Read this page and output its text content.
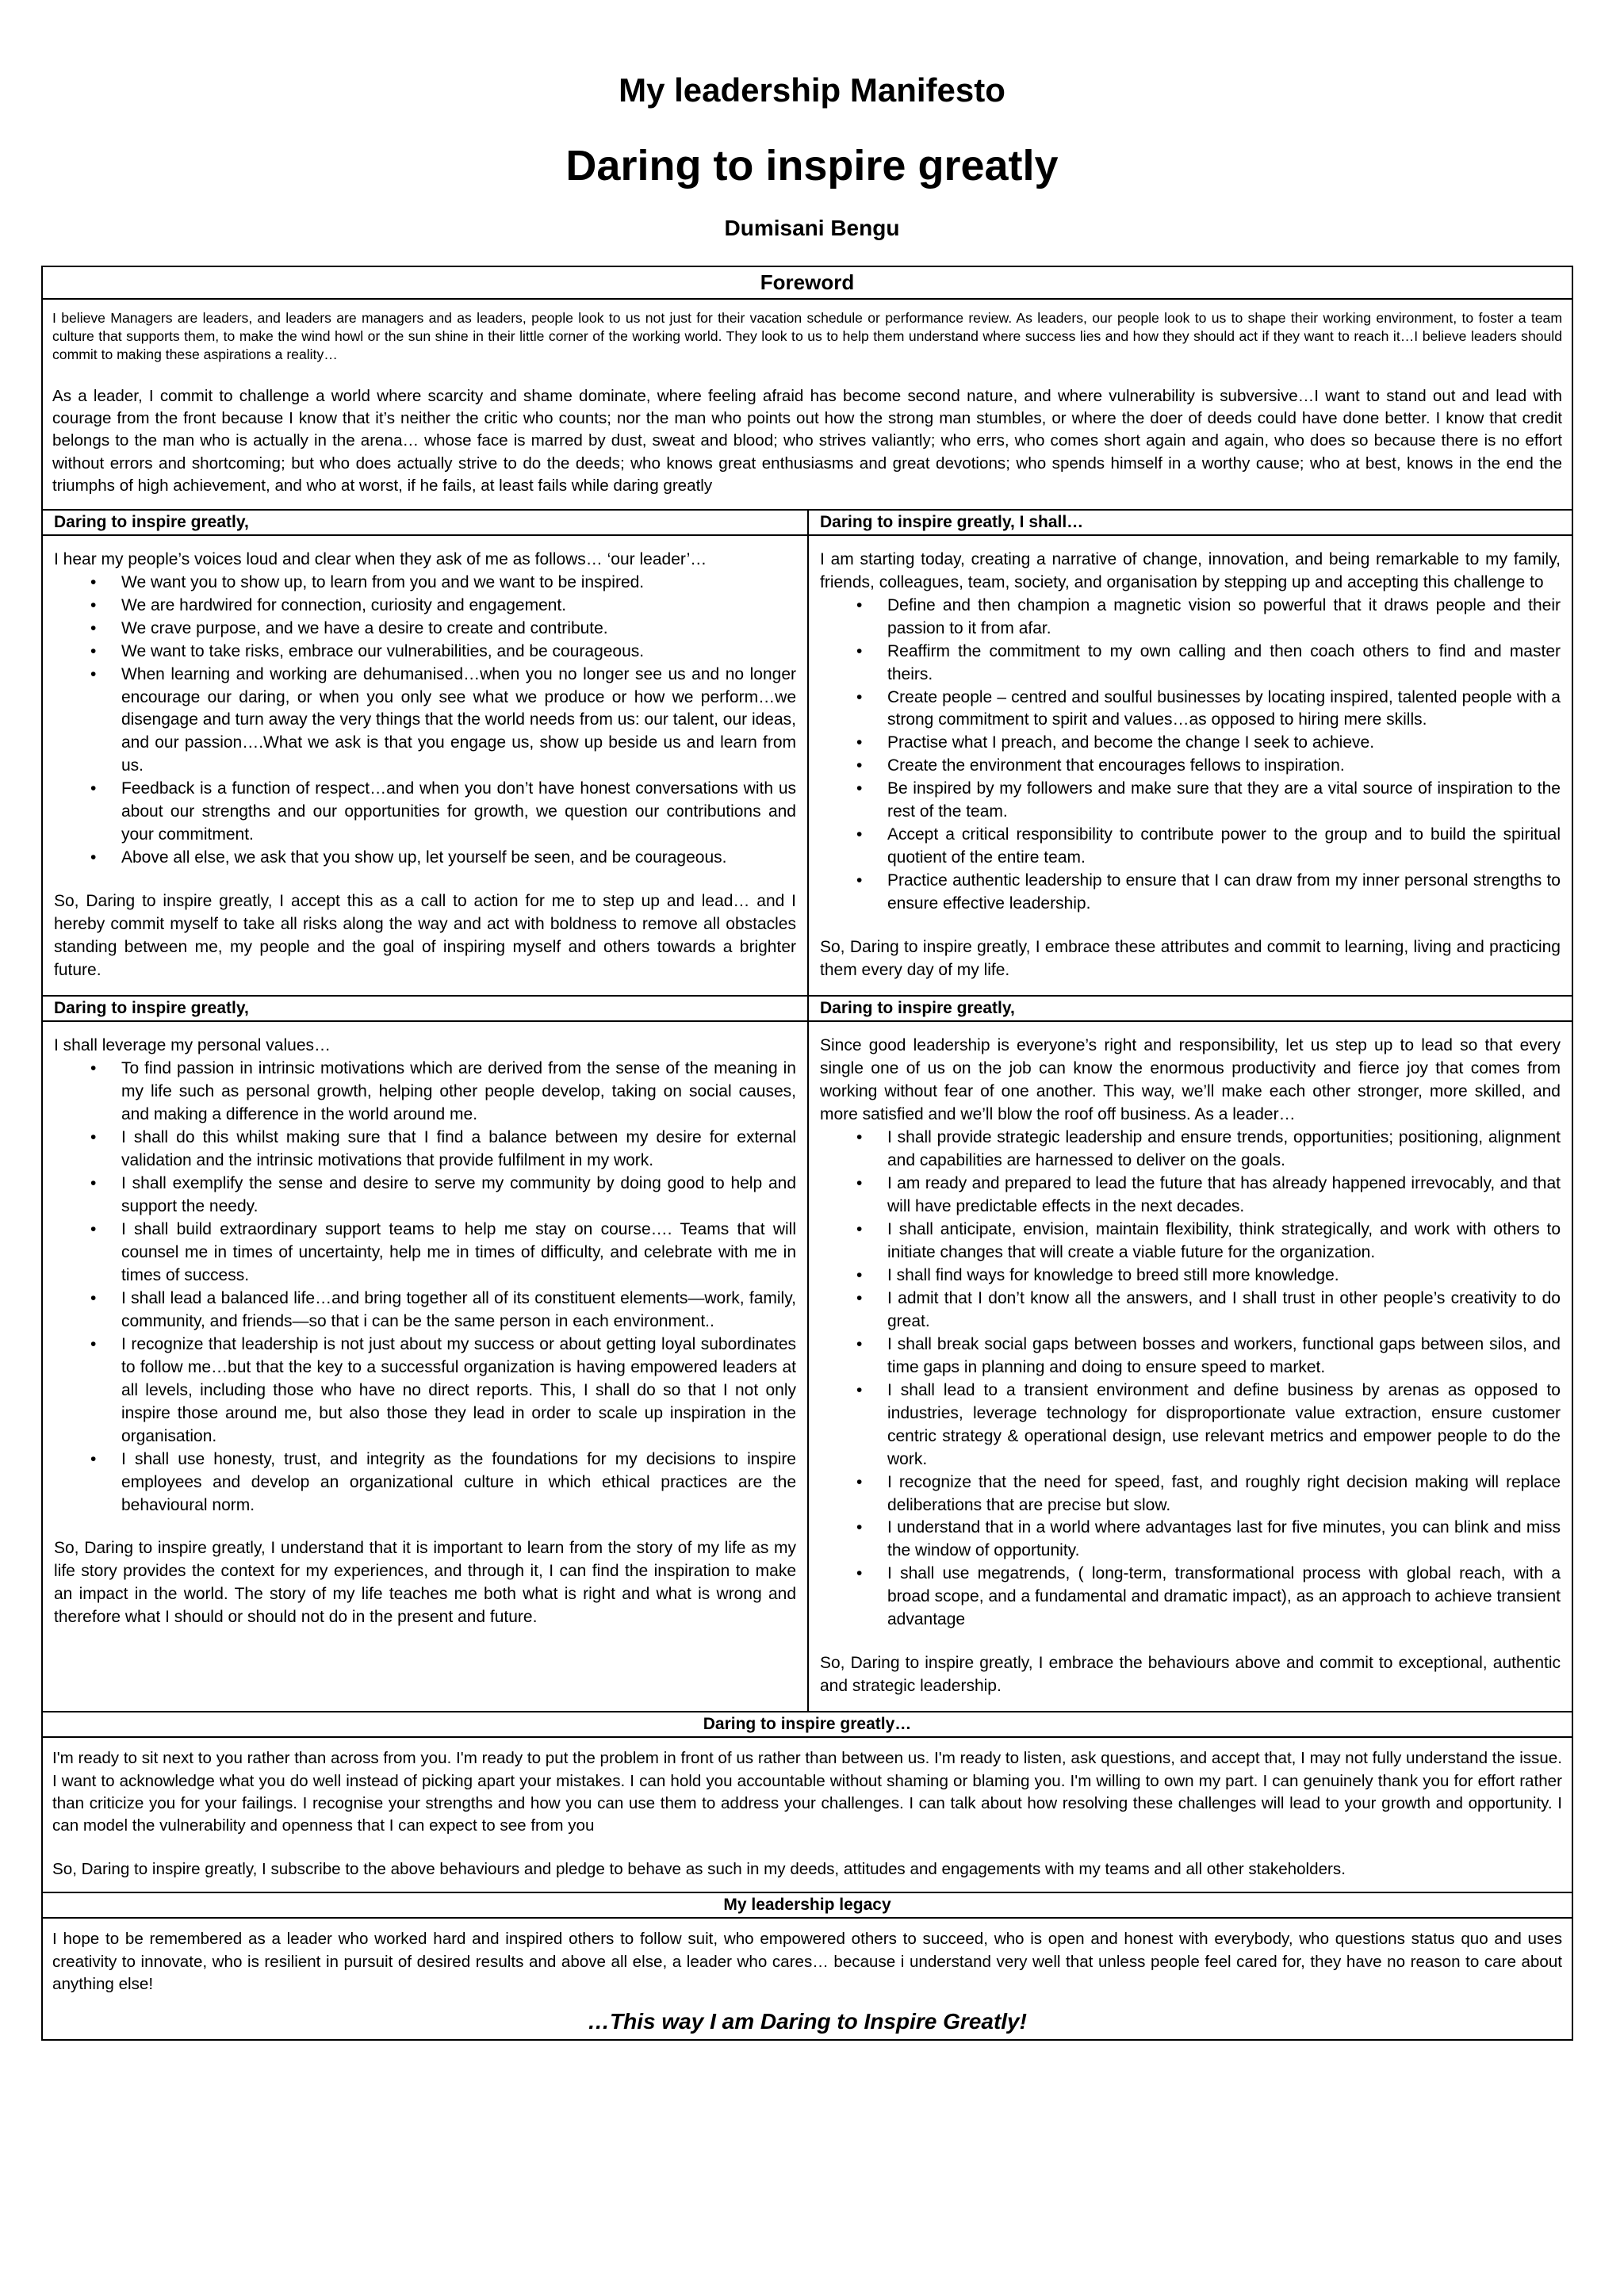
My leadership Manifesto
Daring to inspire greatly
Dumisani Bengu
Foreword

I believe Managers are leaders, and leaders are managers and as leaders, people look to us not just for their vacation schedule or performance review. As leaders, our people look to us to shape their working environment, to foster a team culture that supports them, to make the wind howl or the sun shine in their little corner of the working world. They look to us to help them understand where success lies and how they should act if they want to reach it…I believe leaders should commit to making these aspirations a reality…

As a leader, I commit to challenge a world where scarcity and shame dominate, where feeling afraid has become second nature, and where vulnerability is subversive…I want to stand out and lead with courage from the front because I know that it’s neither the critic who counts; nor the man who points out how the strong man stumbles, or where the doer of deeds could have done better. I know that credit belongs to the man who is actually in the arena… whose face is marred by dust, sweat and blood; who strives valiantly; who errs, who comes short again and again, who does so because there is no effort without errors and shortcoming; but who does actually strive to do the deeds; who knows great enthusiasms and great devotions; who spends himself in a worthy cause; who at best, knows in the end the triumphs of high achievement, and who at worst, if he fails, at least fails while daring greatly

Daring to inspire greatly,

I hear my people’s voices loud and clear when they ask of me as follows… ‘our leader’…

• We want you to show up, to learn from you and we want to be inspired.
• We are hardwired for connection, curiosity and engagement.
• We crave purpose, and we have a desire to create and contribute.
• We want to take risks, embrace our vulnerabilities, and be courageous.
• When learning and working are dehumanised…when you no longer see us and no longer encourage our daring, or when you only see what we produce or how we perform…we disengage and turn away the very things that the world needs from us: our talent, our ideas, and our passion….What we ask is that you engage us, show up beside us and learn from us.
• Feedback is a function of respect…and when you don’t have honest conversations with us about our strengths and our opportunities for growth, we question our contributions and your commitment.
• Above all else, we ask that you show up, let yourself be seen, and be courageous.

So, Daring to inspire greatly, I accept this as a call to action for me to step up and lead… and I hereby commit myself to take all risks along the way and act with boldness to remove all obstacles standing between me, my people and the goal of inspiring myself and others towards a brighter future.

Daring to inspire greatly, I shall…

I am starting today, creating a narrative of change, innovation, and being remarkable to my family, friends, colleagues, team, society, and organisation by stepping up and accepting this challenge to

• Define and then champion a magnetic vision so powerful that it draws people and their passion to it from afar.
• Reaffirm the commitment to my own calling and then coach others to find and master theirs.
• Create people – centred and soulful businesses by locating inspired, talented people with a strong commitment to spirit and values…as opposed to hiring mere skills.
• Practise what I preach, and become the change I seek to achieve.
• Create the environment that encourages fellows to inspiration.
• Be inspired by my followers and make sure that they are a vital source of inspiration to the rest of the team.
• Accept a critical responsibility to contribute power to the group and to build the spiritual quotient of the entire team.
• Practice authentic leadership to ensure that I can draw from my inner personal strengths to ensure effective leadership.

So, Daring to inspire greatly, I embrace these attributes and commit to learning, living and practicing them every day of my life.

Daring to inspire greatly,

I shall leverage my personal values…

• To find passion in intrinsic motivations which are derived from the sense of the meaning in my life such as personal growth, helping other people develop, taking on social causes, and making a difference in the world around me.
• I shall do this whilst making sure that I find a balance between my desire for external validation and the intrinsic motivations that provide fulfilment in my work.
• I shall exemplify the sense and desire to serve my community by doing good to help and support the needy.
• I shall build extraordinary support teams to help me stay on course…. Teams that will counsel me in times of uncertainty, help me in times of difficulty, and celebrate with me in times of success.
• I shall lead a balanced life…and bring together all of its constituent elements—work, family, community, and friends—so that i can be the same person in each environment..
• I recognize that leadership is not just about my success or about getting loyal subordinates to follow me…but that the key to a successful organization is having empowered leaders at all levels, including those who have no direct reports. This, I shall do so that I not only inspire those around me, but also those they lead in order to scale up inspiration in the organisation.
• I shall use honesty, trust, and integrity as the foundations for my decisions to inspire employees and develop an organizational culture in which ethical practices are the behavioural norm.

So, Daring to inspire greatly, I understand that it is important to learn from the story of my life as my life story provides the context for my experiences, and through it, I can find the inspiration to make an impact in the world. The story of my life teaches me both what is right and what is wrong and therefore what I should or should not do in the present and future.

Daring to inspire greatly,

Since good leadership is everyone’s right and responsibility, let us step up to lead so that every single one of us on the job can know the enormous productivity and fierce joy that comes from working without fear of one another. This way, we’ll make each other stronger, more skilled, and more satisfied and we’ll blow the roof off business. As a leader…

• I shall provide strategic leadership and ensure trends, opportunities; positioning, alignment and capabilities are harnessed to deliver on the goals.
• I am ready and prepared to lead the future that has already happened irrevocably, and that will have predictable effects in the next decades.
• I shall anticipate, envision, maintain flexibility, think strategically, and work with others to initiate changes that will create a viable future for the organization.
• I shall find ways for knowledge to breed still more knowledge.
• I admit that I don’t know all the answers, and I shall trust in other people’s creativity to do great.
• I shall break social gaps between bosses and workers, functional gaps between silos, and time gaps in planning and doing to ensure speed to market.
• I shall lead to a transient environment and define business by arenas as opposed to industries, leverage technology for disproportionate value extraction, ensure customer centric strategy & operational design, use relevant metrics and empower people to do the work.
• I recognize that the need for speed, fast, and roughly right decision making will replace deliberations that are precise but slow.
• I understand that in a world where advantages last for five minutes, you can blink and miss the window of opportunity.
• I shall use megatrends, ( long-term, transformational process with global reach, with a broad scope, and a fundamental and dramatic impact), as an approach to achieve transient advantage

So, Daring to inspire greatly, I embrace the behaviours above and commit to exceptional, authentic and strategic leadership.

Daring to inspire greatly…

I'm ready to sit next to you rather than across from you. I'm ready to put the problem in front of us rather than between us. I'm ready to listen, ask questions, and accept that, I may not fully understand the issue. I want to acknowledge what you do well instead of picking apart your mistakes. I can hold you accountable without shaming or blaming you. I'm willing to own my part. I can genuinely thank you for effort rather than criticize you for your failings. I recognise your strengths and how you can use them to address your challenges. I can talk about how resolving these challenges will lead to your growth and opportunity. I can model the vulnerability and openness that I can expect to see from you

So, Daring to inspire greatly, I subscribe to the above behaviours and pledge to behave as such in my deeds, attitudes and engagements with my teams and all other stakeholders.

My leadership legacy

I hope to be remembered as a leader who worked hard and inspired others to follow suit, who empowered others to succeed, who is open and honest with everybody, who questions status quo and uses creativity to innovate, who is resilient in pursuit of desired results and above all else, a leader who cares… because i understand very well that unless people feel cared for, they have no reason to care about anything else!

…This way I am Daring to Inspire Greatly!
